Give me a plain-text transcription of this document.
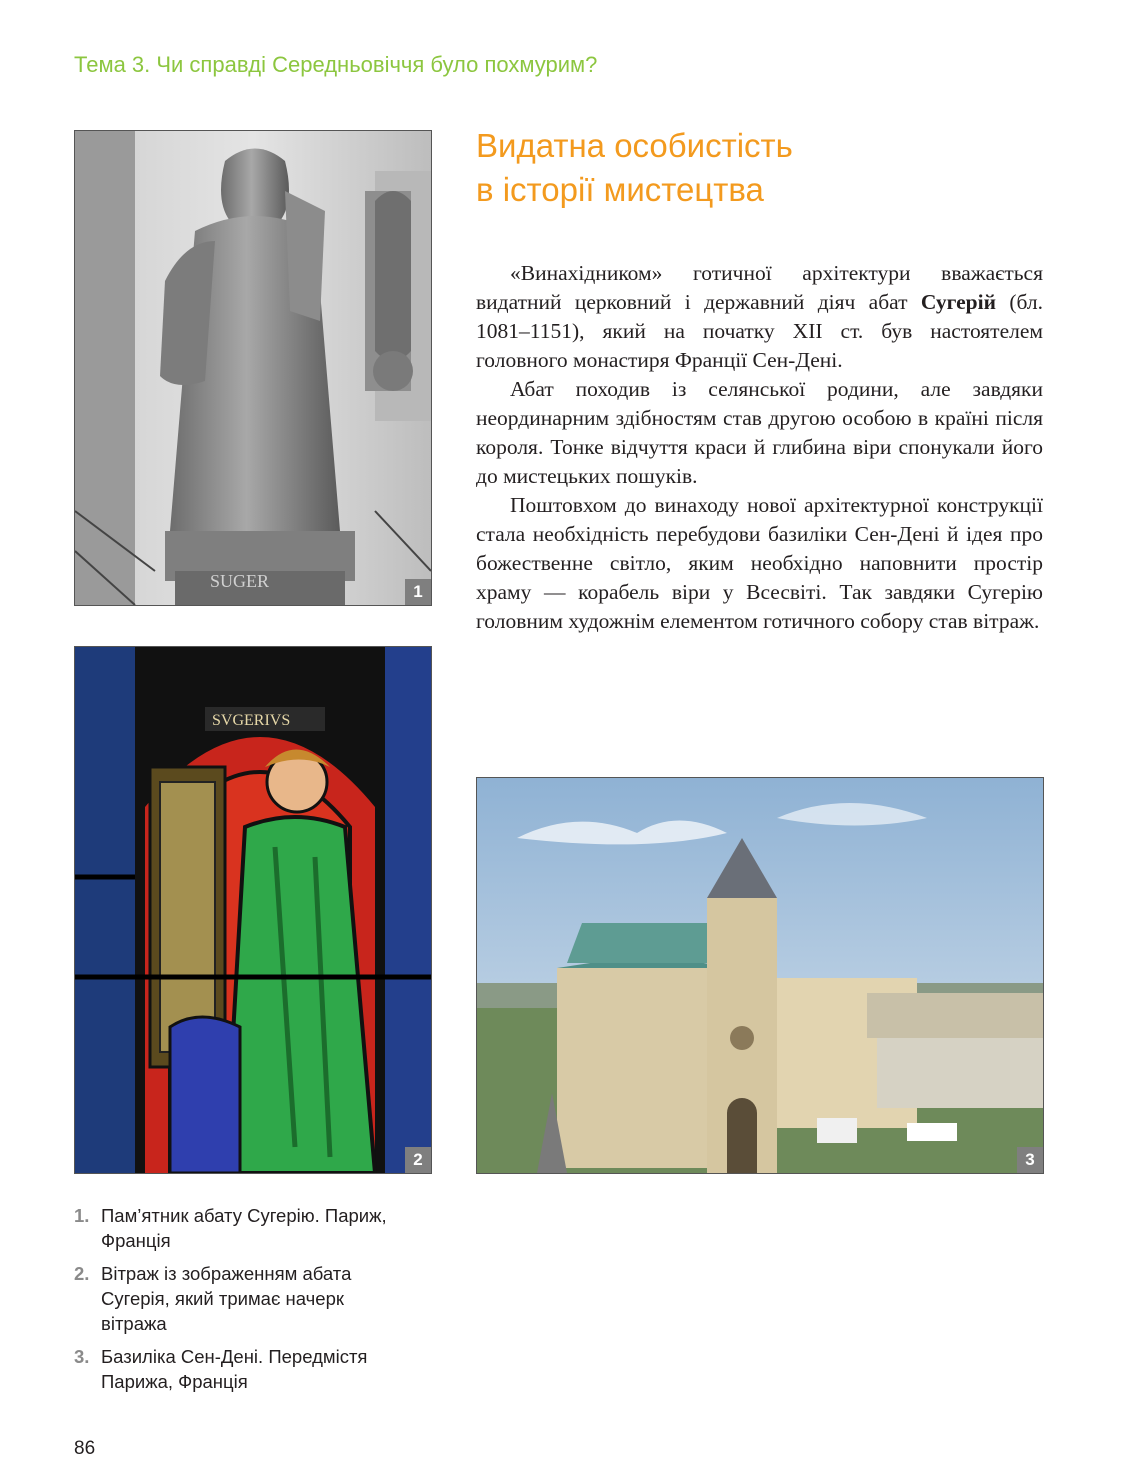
Тема 3. Чи справді Середньовіччя було похмурим?
Видатна особистість
в історії мистецтва

«Винахідником» готичної архітектури вважається видатний церковний і державний діяч абат Сугерій (бл. 1081–1151), який на початку XII ст. був настоятелем головного монастиря Франції Сен-Дені.

Абат походив із селянської родини, але завдяки неординарним здібностям став другою особою в країні після короля. Тонке відчуття краси й глибина віри спонукали його до мистецьких пошуків.

Поштовхом до винаходу нової архітектурної конструкції стала необхідність перебудови базиліки Сен-Дені й ідея про божественне світло, яким необхідно наповнити простір храму — корабель віри у Всесвіті. Так завдяки Сугерію головним художнім елементом готичного собору став вітраж.

SUGER
1
SVGERIVS
2	3
1. Пам’ятник абату Сугерію. Париж, Франція
2. Вітраж із зображенням абата Сугерія, який тримає начерк вітража
3. Базиліка Сен-Дені. Передмістя Парижа, Франція
86
